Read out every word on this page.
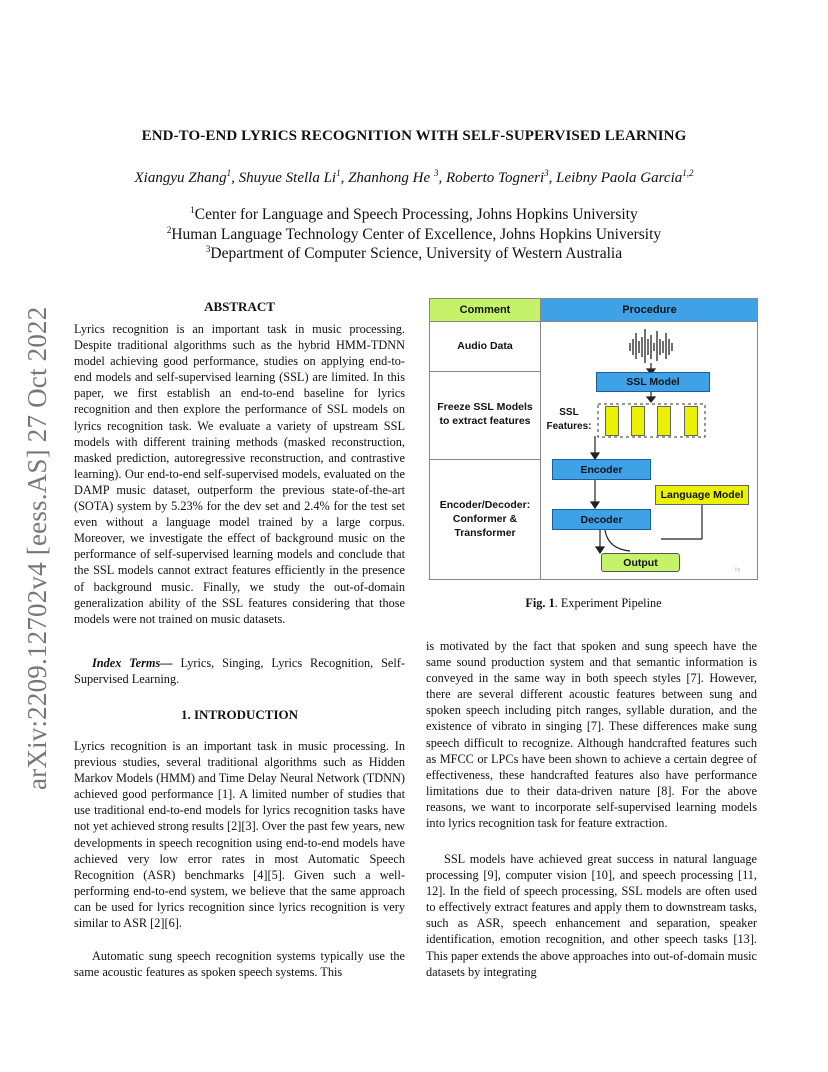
arXiv:2209.12702v4 [eess.AS] 27 Oct 2022
END-TO-END LYRICS RECOGNITION WITH SELF-SUPERVISED LEARNING
Xiangyu Zhang$^1$, Shuyue Stella Li$^1$, Zhanhong He $^3$, Roberto Togneri$^3$, Leibny Paola Garcia$^{1,2}$
$^1$Center for Language and Speech Processing, Johns Hopkins University
$^2$Human Language Technology Center of Excellence, Johns Hopkins University
$^3$Department of Computer Science, University of Western Australia
ABSTRACT
Lyrics recognition is an important task in music processing. Despite traditional algorithms such as the hybrid HMM-TDNN model achieving good performance, studies on applying end-to-end models and self-supervised learning (SSL) are limited. In this paper, we first establish an end-to-end baseline for lyrics recognition and then explore the performance of SSL models on lyrics recognition task. We evaluate a variety of upstream SSL models with different training methods (masked reconstruction, masked prediction, autoregressive reconstruction, and contrastive learning). Our end-to-end self-supervised models, evaluated on the DAMP music dataset, outperform the previous state-of-the-art (SOTA) system by 5.23% for the dev set and 2.4% for the test set even without a language model trained by a large corpus. Moreover, we investigate the effect of background music on the performance of self-supervised learning models and conclude that the SSL models cannot extract features efficiently in the presence of background music. Finally, we study the out-of-domain generalization ability of the SSL features considering that those models were not trained on music datasets.
Index Terms— Lyrics, Singing, Lyrics Recognition, Self-Supervised Learning.
1. INTRODUCTION
Lyrics recognition is an important task in music processing. In previous studies, several traditional algorithms such as Hidden Markov Models (HMM) and Time Delay Neural Network (TDNN) achieved good performance [1]. A limited number of studies that use traditional end-to-end models for lyrics recognition tasks have not yet achieved strong results [2][3]. Over the past few years, new developments in speech recognition using end-to-end models have achieved very low error rates in most Automatic Speech Recognition (ASR) benchmarks [4][5]. Given such a well-performing end-to-end system, we believe that the same approach can be used for lyrics recognition since lyrics recognition is very similar to ASR [2][6].
Automatic sung speech recognition systems typically use the same acoustic features as spoken speech systems. This
Comment	Procedure
Audio Data
Freeze SSL Models to extract features
Encoder/Decoder: Conformer & Transformer
fig
SSL Model
SSL Features:
Encoder
Decoder
Language Model
Output
Fig. 1. Experiment Pipeline
is motivated by the fact that spoken and sung speech have the same sound production system and that semantic information is conveyed in the same way in both speech styles [7]. However, there are several different acoustic features between sung and spoken speech including pitch ranges, syllable duration, and the existence of vibrato in singing [7]. These differences make sung speech difficult to recognize. Although handcrafted features such as MFCC or LPCs have been shown to achieve a certain degree of effectiveness, these handcrafted features also have performance limitations due to their data-driven nature [8]. For the above reasons, we want to incorporate self-supervised learning models into lyrics recognition task for feature extraction.
SSL models have achieved great success in natural language processing [9], computer vision [10], and speech processing [11, 12]. In the field of speech processing, SSL models are often used to effectively extract features and apply them to downstream tasks, such as ASR, speech enhancement and separation, speaker identification, emotion recognition, and other speech tasks [13]. This paper extends the above approaches into out-of-domain music datasets by integrating
